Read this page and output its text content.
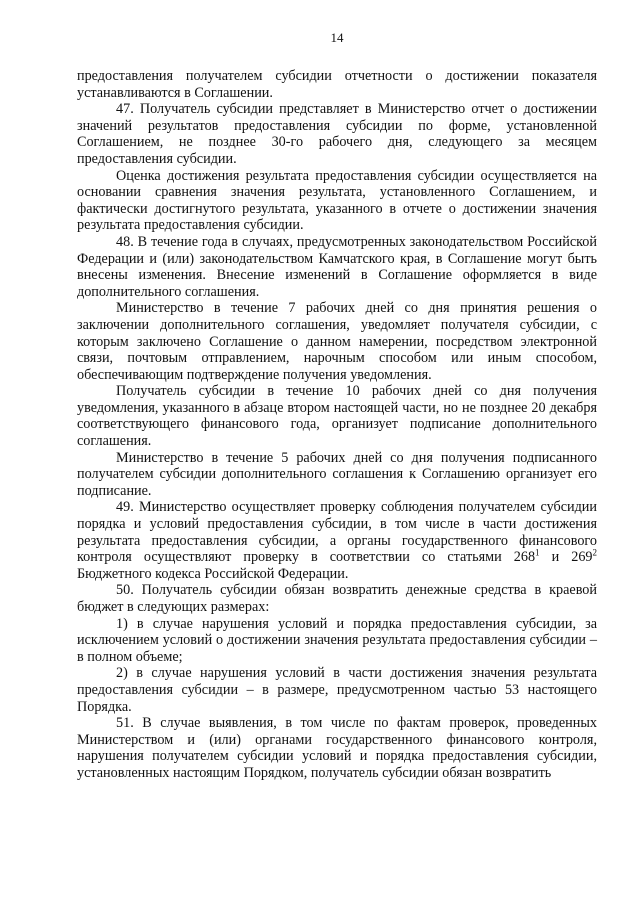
14

предоставления получателем субсидии отчетности о достижении показателя устанавливаются в Соглашении.

47. Получатель субсидии представляет в Министерство отчет о достижении значений результатов предоставления субсидии по форме, установленной Соглашением, не позднее 30-го рабочего дня, следующего за месяцем предоставления субсидии.

Оценка достижения результата предоставления субсидии осуществляется на основании сравнения значения результата, установленного Соглашением, и фактически достигнутого результата, указанного в отчете о достижении значения результата предоставления субсидии.

48. В течение года в случаях, предусмотренных законодательством Российской Федерации и (или) законодательством Камчатского края, в Соглашение могут быть внесены изменения. Внесение изменений в Соглашение оформляется в виде дополнительного соглашения.

Министерство в течение 7 рабочих дней со дня принятия решения о заключении дополнительного соглашения, уведомляет получателя субсидии, с которым заключено Соглашение о данном намерении, посредством электронной связи, почтовым отправлением, нарочным способом или иным способом, обеспечивающим подтверждение получения уведомления.

Получатель субсидии в течение 10 рабочих дней со дня получения уведомления, указанного в абзаце втором настоящей части, но не позднее 20 декабря соответствующего финансового года, организует подписание дополнительного соглашения.

Министерство в течение 5 рабочих дней со дня получения подписанного получателем субсидии дополнительного соглашения к Соглашению организует его подписание.

49. Министерство осуществляет проверку соблюдения получателем субсидии порядка и условий предоставления субсидии, в том числе в части достижения результата предоставления субсидии, а органы государственного финансового контроля осуществляют проверку в соответствии со статьями $268^1$ и $269^2$ Бюджетного кодекса Российской Федерации.

50. Получатель субсидии обязан возвратить денежные средства в краевой бюджет в следующих размерах:

1) в случае нарушения условий и порядка предоставления субсидии, за исключением условий о достижении значения результата предоставления субсидии – в полном объеме;

2) в случае нарушения условий в части достижения значения результата предоставления субсидии – в размере, предусмотренном частью 53 настоящего Порядка.

51. В случае выявления, в том числе по фактам проверок, проведенных Министерством и (или) органами государственного финансового контроля, нарушения получателем субсидии условий и порядка предоставления субсидии, установленных настоящим Порядком, получатель субсидии обязан возвратить
